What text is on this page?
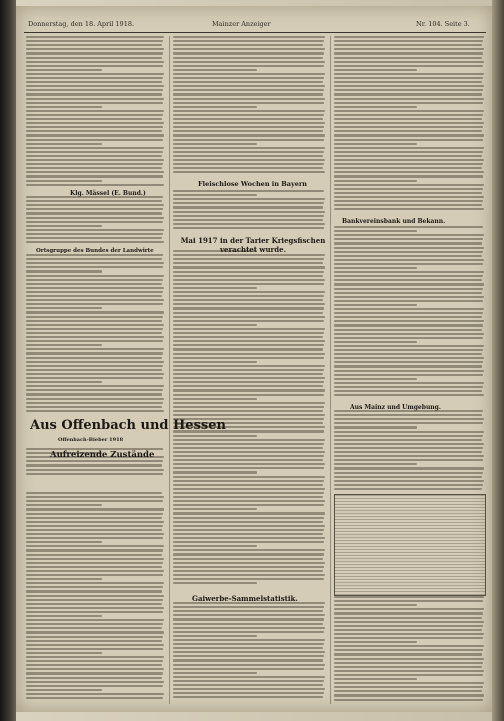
Donnerstag, den 18. April 1918.	Mainzer Anzeiger	Nr. 104. Seite 3.
Klg. Mässel (E. Bund.)
Ortsgruppe des Bundes der Landwirte
Aus Offenbach und Hessen
Offenbach-Bieber 1918
Aufreizende Zustände
Fleischlose Wochen in Bayern
Mai 1917 in der Tarier Kriegsfischen verachtet wurde.
Gaiwerbe-Sammelstatistik.
Bankvereinsbank und Bekann.
Aus Mainz und Umgebung.
